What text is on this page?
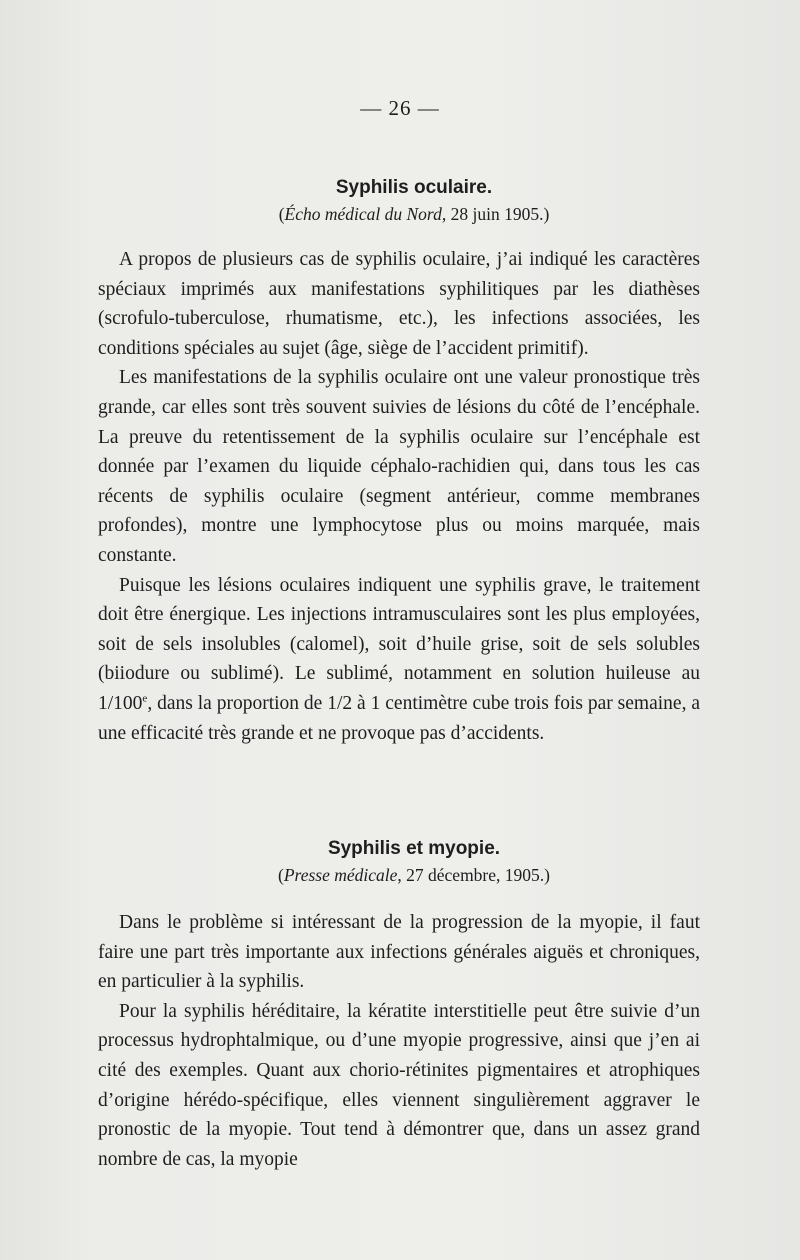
— 26 —
Syphilis oculaire.
(Écho médical du Nord, 28 juin 1905.)

A propos de plusieurs cas de syphilis oculaire, j’ai indiqué les caractères spéciaux imprimés aux manifestations syphilitiques par les diathèses (scrofulo-tuberculose, rhumatisme, etc.), les infections associées, les conditions spéciales au sujet (âge, siège de l’accident primitif).

Les manifestations de la syphilis oculaire ont une valeur pronostique très grande, car elles sont très souvent suivies de lésions du côté de l’encéphale. La preuve du retentissement de la syphilis oculaire sur l’encéphale est donnée par l’examen du liquide céphalo-rachidien qui, dans tous les cas récents de syphilis oculaire (segment antérieur, comme membranes profondes), montre une lymphocytose plus ou moins marquée, mais constante.

Puisque les lésions oculaires indiquent une syphilis grave, le traitement doit être énergique. Les injections intramusculaires sont les plus employées, soit de sels insolubles (calomel), soit d’huile grise, soit de sels solubles (biiodure ou sublimé). Le sublimé, notamment en solution huileuse au 1/100e, dans la proportion de 1/2 à 1 centimètre cube trois fois par semaine, a une efficacité très grande et ne provoque pas d’accidents.

Syphilis et myopie.
(Presse médicale, 27 décembre, 1905.)

Dans le problème si intéressant de la progression de la myopie, il faut faire une part très importante aux infections générales aiguës et chroniques, en particulier à la syphilis.

Pour la syphilis héréditaire, la kératite interstitielle peut être suivie d’un processus hydrophtalmique, ou d’une myopie progressive, ainsi que j’en ai cité des exemples. Quant aux chorio-rétinites pigmentaires et atrophiques d’origine hérédo-spécifique, elles viennent singulièrement aggraver le pronostic de la myopie. Tout tend à démontrer que, dans un assez grand nombre de cas, la myopie
